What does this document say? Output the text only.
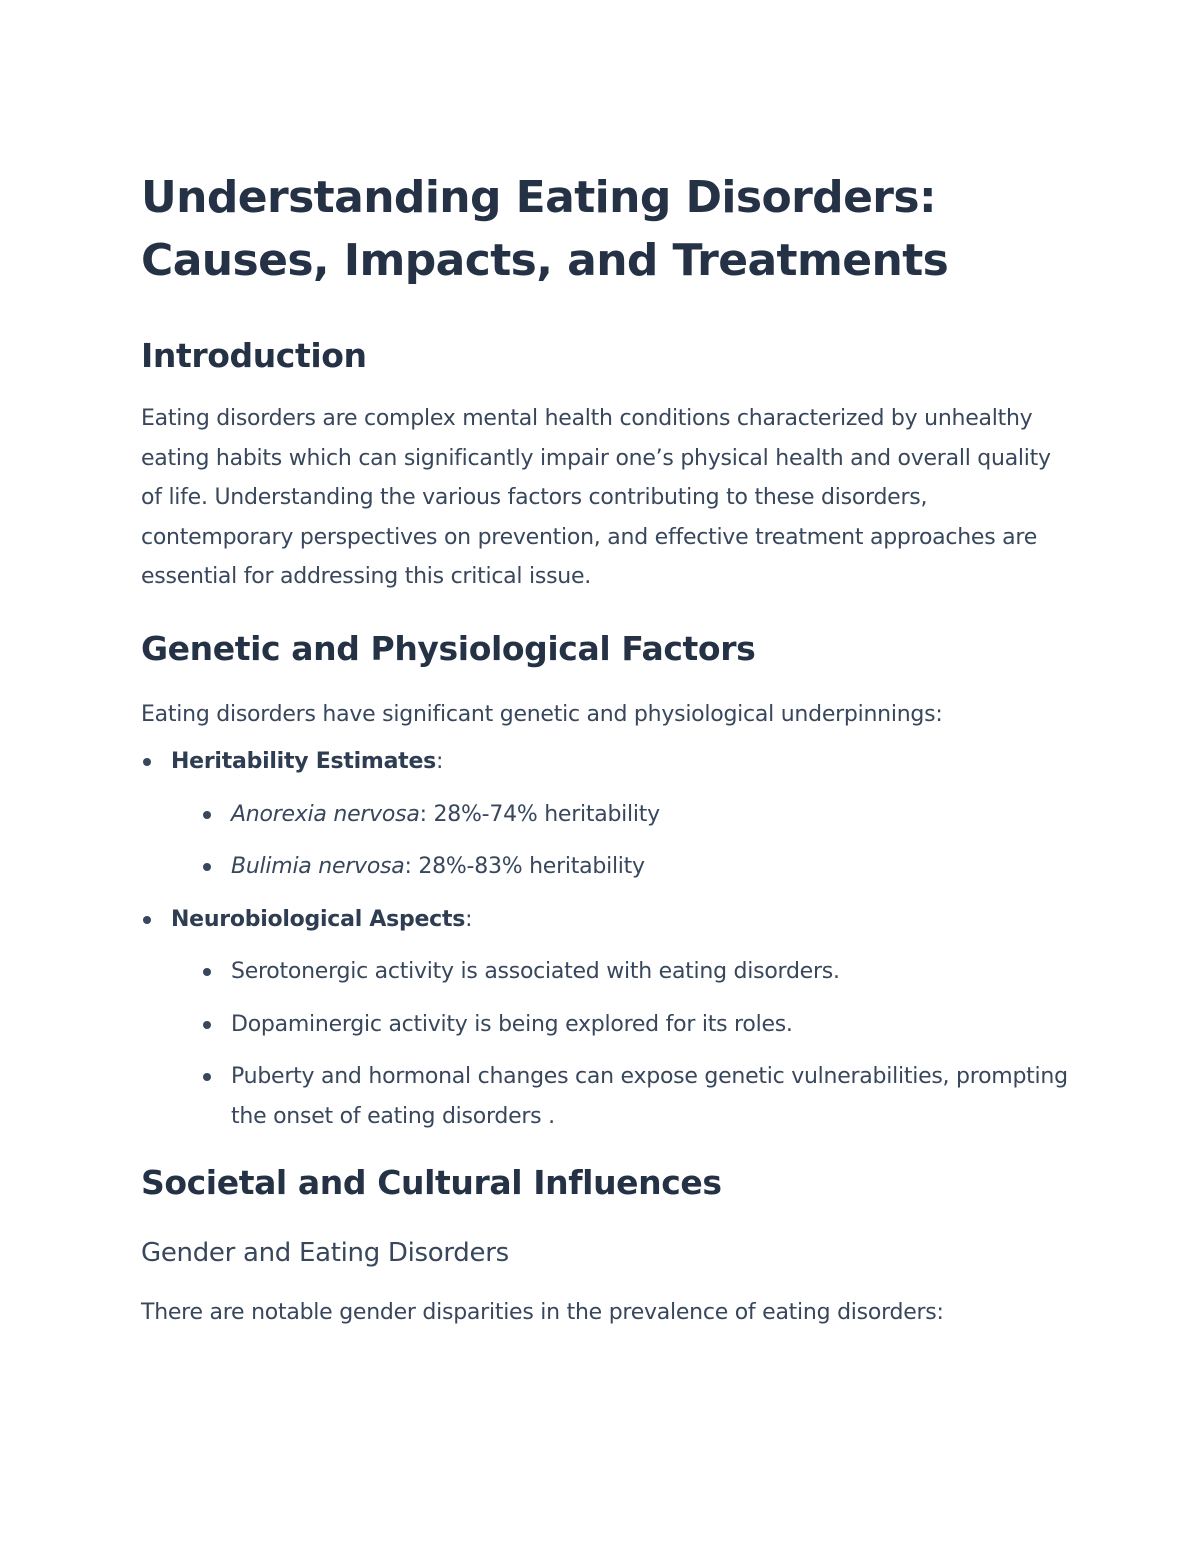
Understanding Eating Disorders:
Causes, Impacts, and Treatments
Introduction

Eating disorders are complex mental health conditions characterized by unhealthy eating habits which can significantly impair one’s physical health and overall quality of life. Understanding the various factors contributing to these disorders, contemporary perspectives on prevention, and effective treatment approaches are essential for addressing this critical issue.

Genetic and Physiological Factors

Eating disorders have significant genetic and physiological underpinnings:

Heritability Estimates:
Anorexia nervosa: 28%-74% heritability
Bulimia nervosa: 28%-83% heritability
Neurobiological Aspects:
Serotonergic activity is associated with eating disorders.
Dopaminergic activity is being explored for its roles.
Puberty and hormonal changes can expose genetic vulnerabilities, prompting the onset of eating disorders .
Societal and Cultural Influences
Gender and Eating Disorders

There are notable gender disparities in the prevalence of eating disorders:
